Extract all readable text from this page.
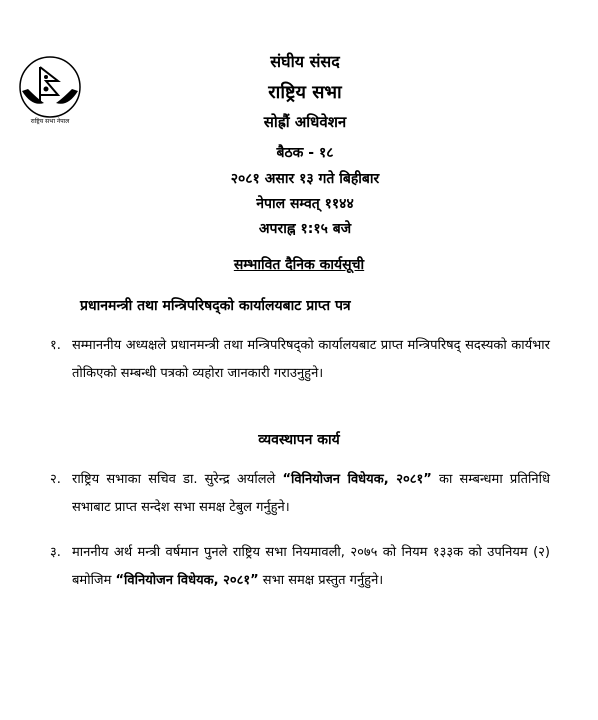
राष्ट्रिय सभा नेपाल
संघीय संसद
राष्ट्रिय सभा
सोह्रौं अधिवेशन
बैठक - १८
२०८१ असार १३ गते बिहीबार
नेपाल सम्वत् ११४४
अपराह्न १:१५ बजे
सम्भावित दैनिक कार्यसूची
प्रधानमन्त्री तथा मन्त्रिपरिषद्को कार्यालयबाट प्राप्त पत्र
१. सम्माननीय अध्यक्षले प्रधानमन्त्री तथा मन्त्रिपरिषद्को कार्यालयबाट प्राप्त मन्त्रिपरिषद् सदस्यको कार्यभार तोकिएको सम्बन्धी पत्रको व्यहोरा जानकारी गराउनुहुने।
व्यवस्थापन कार्य
२. राष्ट्रिय सभाका सचिव डा. सुरेन्द्र अर्यालले “विनियोजन विधेयक, २०८१” का सम्बन्धमा प्रतिनिधि सभाबाट प्राप्त सन्देश सभा समक्ष टेबुल गर्नुहुने।
३. माननीय अर्थ मन्त्री वर्षमान पुनले राष्ट्रिय सभा नियमावली, २०७५ को नियम १३३क को उपनियम (२) बमोजिम “विनियोजन विधेयक, २०८१” सभा समक्ष प्रस्तुत गर्नुहुने।
